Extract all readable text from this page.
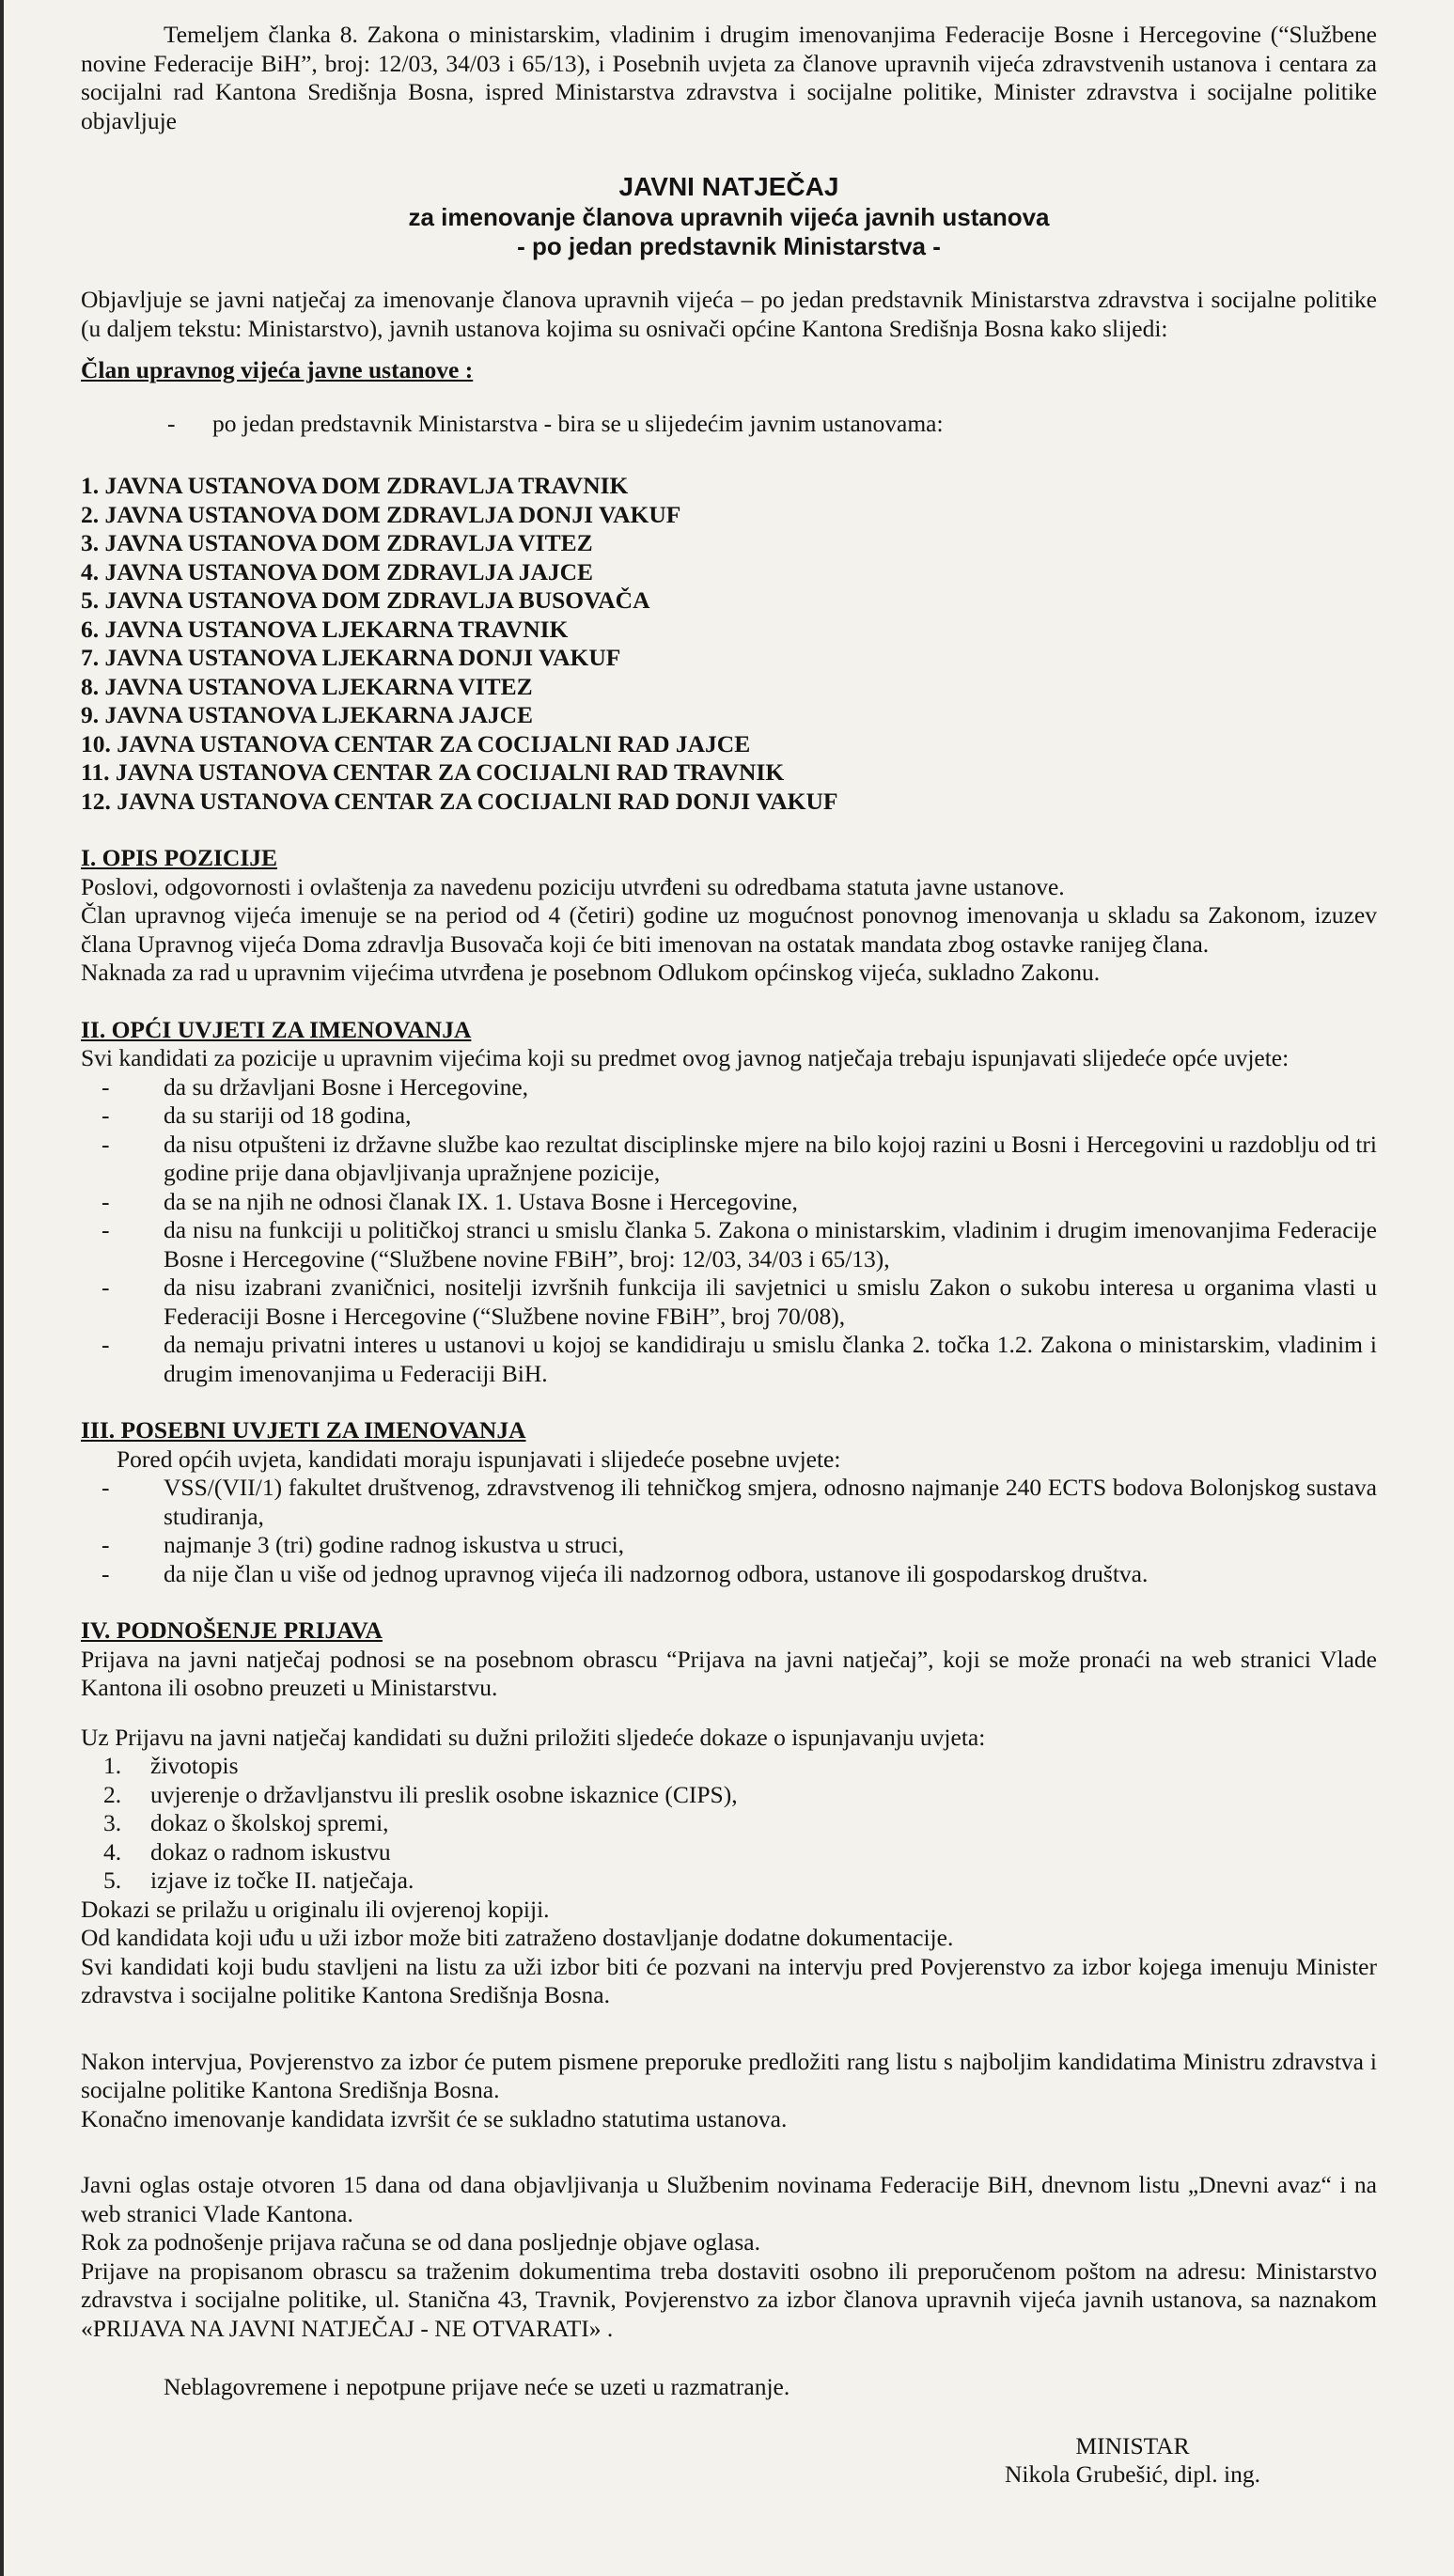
Temeljem članka 8. Zakona o ministarskim, vladinim i drugim imenovanjima Federacije Bosne i Hercegovine (“Službene novine Federacije BiH”, broj: 12/03, 34/03 i 65/13), i Posebnih uvjeta za članove upravnih vijeća zdravstvenih ustanova i centara za socijalni rad Kantona Središnja Bosna, ispred Ministarstva zdravstva i socijalne politike, Minister zdravstva i socijalne politike objavljuje

JAVNI NATJEČAJ
za imenovanje članova upravnih vijeća javnih ustanova
- po jedan predstavnik Ministarstva -

Objavljuje se javni natječaj za imenovanje članova upravnih vijeća – po jedan predstavnik Ministarstva zdravstva i socijalne politike (u daljem tekstu: Ministarstvo), javnih ustanova kojima su osnivači općine Kantona Središnja Bosna kako slijedi:

Član upravnog vijeća javne ustanove :

-	po jedan predstavnik Ministarstva - bira se u slijedećim javnim ustanovama:
1. JAVNA USTANOVA DOM ZDRAVLJA TRAVNIK
2. JAVNA USTANOVA DOM ZDRAVLJA DONJI VAKUF
3. JAVNA USTANOVA DOM ZDRAVLJA VITEZ
4. JAVNA USTANOVA DOM ZDRAVLJA JAJCE
5. JAVNA USTANOVA DOM ZDRAVLJA BUSOVAČA
6. JAVNA USTANOVA LJEKARNA TRAVNIK
7. JAVNA USTANOVA LJEKARNA DONJI VAKUF
8. JAVNA USTANOVA LJEKARNA VITEZ
9. JAVNA USTANOVA LJEKARNA JAJCE
10. JAVNA USTANOVA CENTAR ZA COCIJALNI RAD JAJCE
11. JAVNA USTANOVA CENTAR ZA COCIJALNI RAD TRAVNIK
12. JAVNA USTANOVA CENTAR ZA COCIJALNI RAD DONJI VAKUF

I. OPIS POZICIJE

Poslovi, odgovornosti i ovlaštenja za navedenu poziciju utvrđeni su odredbama statuta javne ustanove.

Član upravnog vijeća imenuje se na period od 4 (četiri) godine uz mogućnost ponovnog imenovanja u skladu sa Zakonom, izuzev člana Upravnog vijeća Doma zdravlja Busovača koji će biti imenovan na ostatak mandata zbog ostavke ranijeg člana.

Naknada za rad u upravnim vijećima utvrđena je posebnom Odlukom općinskog vijeća, sukladno Zakonu.

II. OPĆI UVJETI ZA IMENOVANJA

Svi kandidati za pozicije u upravnim vijećima koji su predmet ovog javnog natječaja trebaju ispunjavati slijedeće opće uvjete:

-	da su državljani Bosne i Hercegovine,
-	da su stariji od 18 godina,
-	da nisu otpušteni iz državne službe kao rezultat disciplinske mjere na bilo kojoj razini u Bosni i Hercegovini u razdoblju od tri godine prije dana objavljivanja upražnjene pozicije,
-	da se na njih ne odnosi članak IX. 1. Ustava Bosne i Hercegovine,
-	da nisu na funkciji u političkoj stranci u smislu članka 5. Zakona o ministarskim, vladinim i drugim imenovanjima Federacije Bosne i Hercegovine (“Službene novine FBiH”, broj: 12/03, 34/03 i 65/13),
-	da nisu izabrani zvaničnici, nositelji izvršnih funkcija ili savjetnici u smislu Zakon o sukobu interesa u organima vlasti u Federaciji Bosne i Hercegovine (“Službene novine FBiH”, broj 70/08),
-	da nemaju privatni interes u ustanovi u kojoj se kandidiraju u smislu članka 2. točka 1.2. Zakona o ministarskim, vladinim i drugim imenovanjima u Federaciji BiH.

III. POSEBNI UVJETI ZA IMENOVANJA

Pored općih uvjeta, kandidati moraju ispunjavati i slijedeće posebne uvjete:

-	VSS/(VII/1) fakultet društvenog, zdravstvenog ili tehničkog smjera, odnosno najmanje 240 ECTS bodova Bolonjskog sustava studiranja,
-	najmanje 3 (tri) godine radnog iskustva u struci,
-	da nije član u više od jednog upravnog vijeća ili nadzornog odbora, ustanove ili gospodarskog društva.

IV. PODNOŠENJE PRIJAVA

Prijava na javni natječaj podnosi se na posebnom obrascu “Prijava na javni natječaj”, koji se može pronaći na web stranici Vlade Kantona ili osobno preuzeti u Ministarstvu.

Uz Prijavu na javni natječaj kandidati su dužni priložiti sljedeće dokaze o ispunjavanju uvjeta:

1.	životopis
2.	uvjerenje o državljanstvu ili preslik osobne iskaznice (CIPS),
3.	dokaz o školskoj spremi,
4.	dokaz o radnom iskustvu
5.	izjave iz točke II. natječaja.

Dokazi se prilažu u originalu ili ovjerenoj kopiji.

Od kandidata koji uđu u uži izbor može biti zatraženo dostavljanje dodatne dokumentacije.

Svi kandidati koji budu stavljeni na listu za uži izbor biti će pozvani na intervju pred Povjerenstvo za izbor kojega imenuju Minister zdravstva i socijalne politike Kantona Središnja Bosna.

Nakon intervjua, Povjerenstvo za izbor će putem pismene preporuke predložiti rang listu s najboljim kandidatima Ministru zdravstva i socijalne politike Kantona Središnja Bosna.

Konačno imenovanje kandidata izvršit će se sukladno statutima ustanova.

Javni oglas ostaje otvoren 15 dana od dana objavljivanja u Službenim novinama Federacije BiH, dnevnom listu „Dnevni avaz“ i na web stranici Vlade Kantona.

Rok za podnošenje prijava računa se od dana posljednje objave oglasa.

Prijave na propisanom obrascu sa traženim dokumentima treba dostaviti osobno ili preporučenom poštom na adresu: Ministarstvo zdravstva i socijalne politike, ul. Stanična 43, Travnik, Povjerenstvo za izbor članova upravnih vijeća javnih ustanova, sa naznakom «PRIJAVA NA JAVNI NATJEČAJ - NE OTVARATI» .

Neblagovremene i nepotpune prijave neće se uzeti u razmatranje.

MINISTAR
Nikola Grubešić, dipl. ing.
